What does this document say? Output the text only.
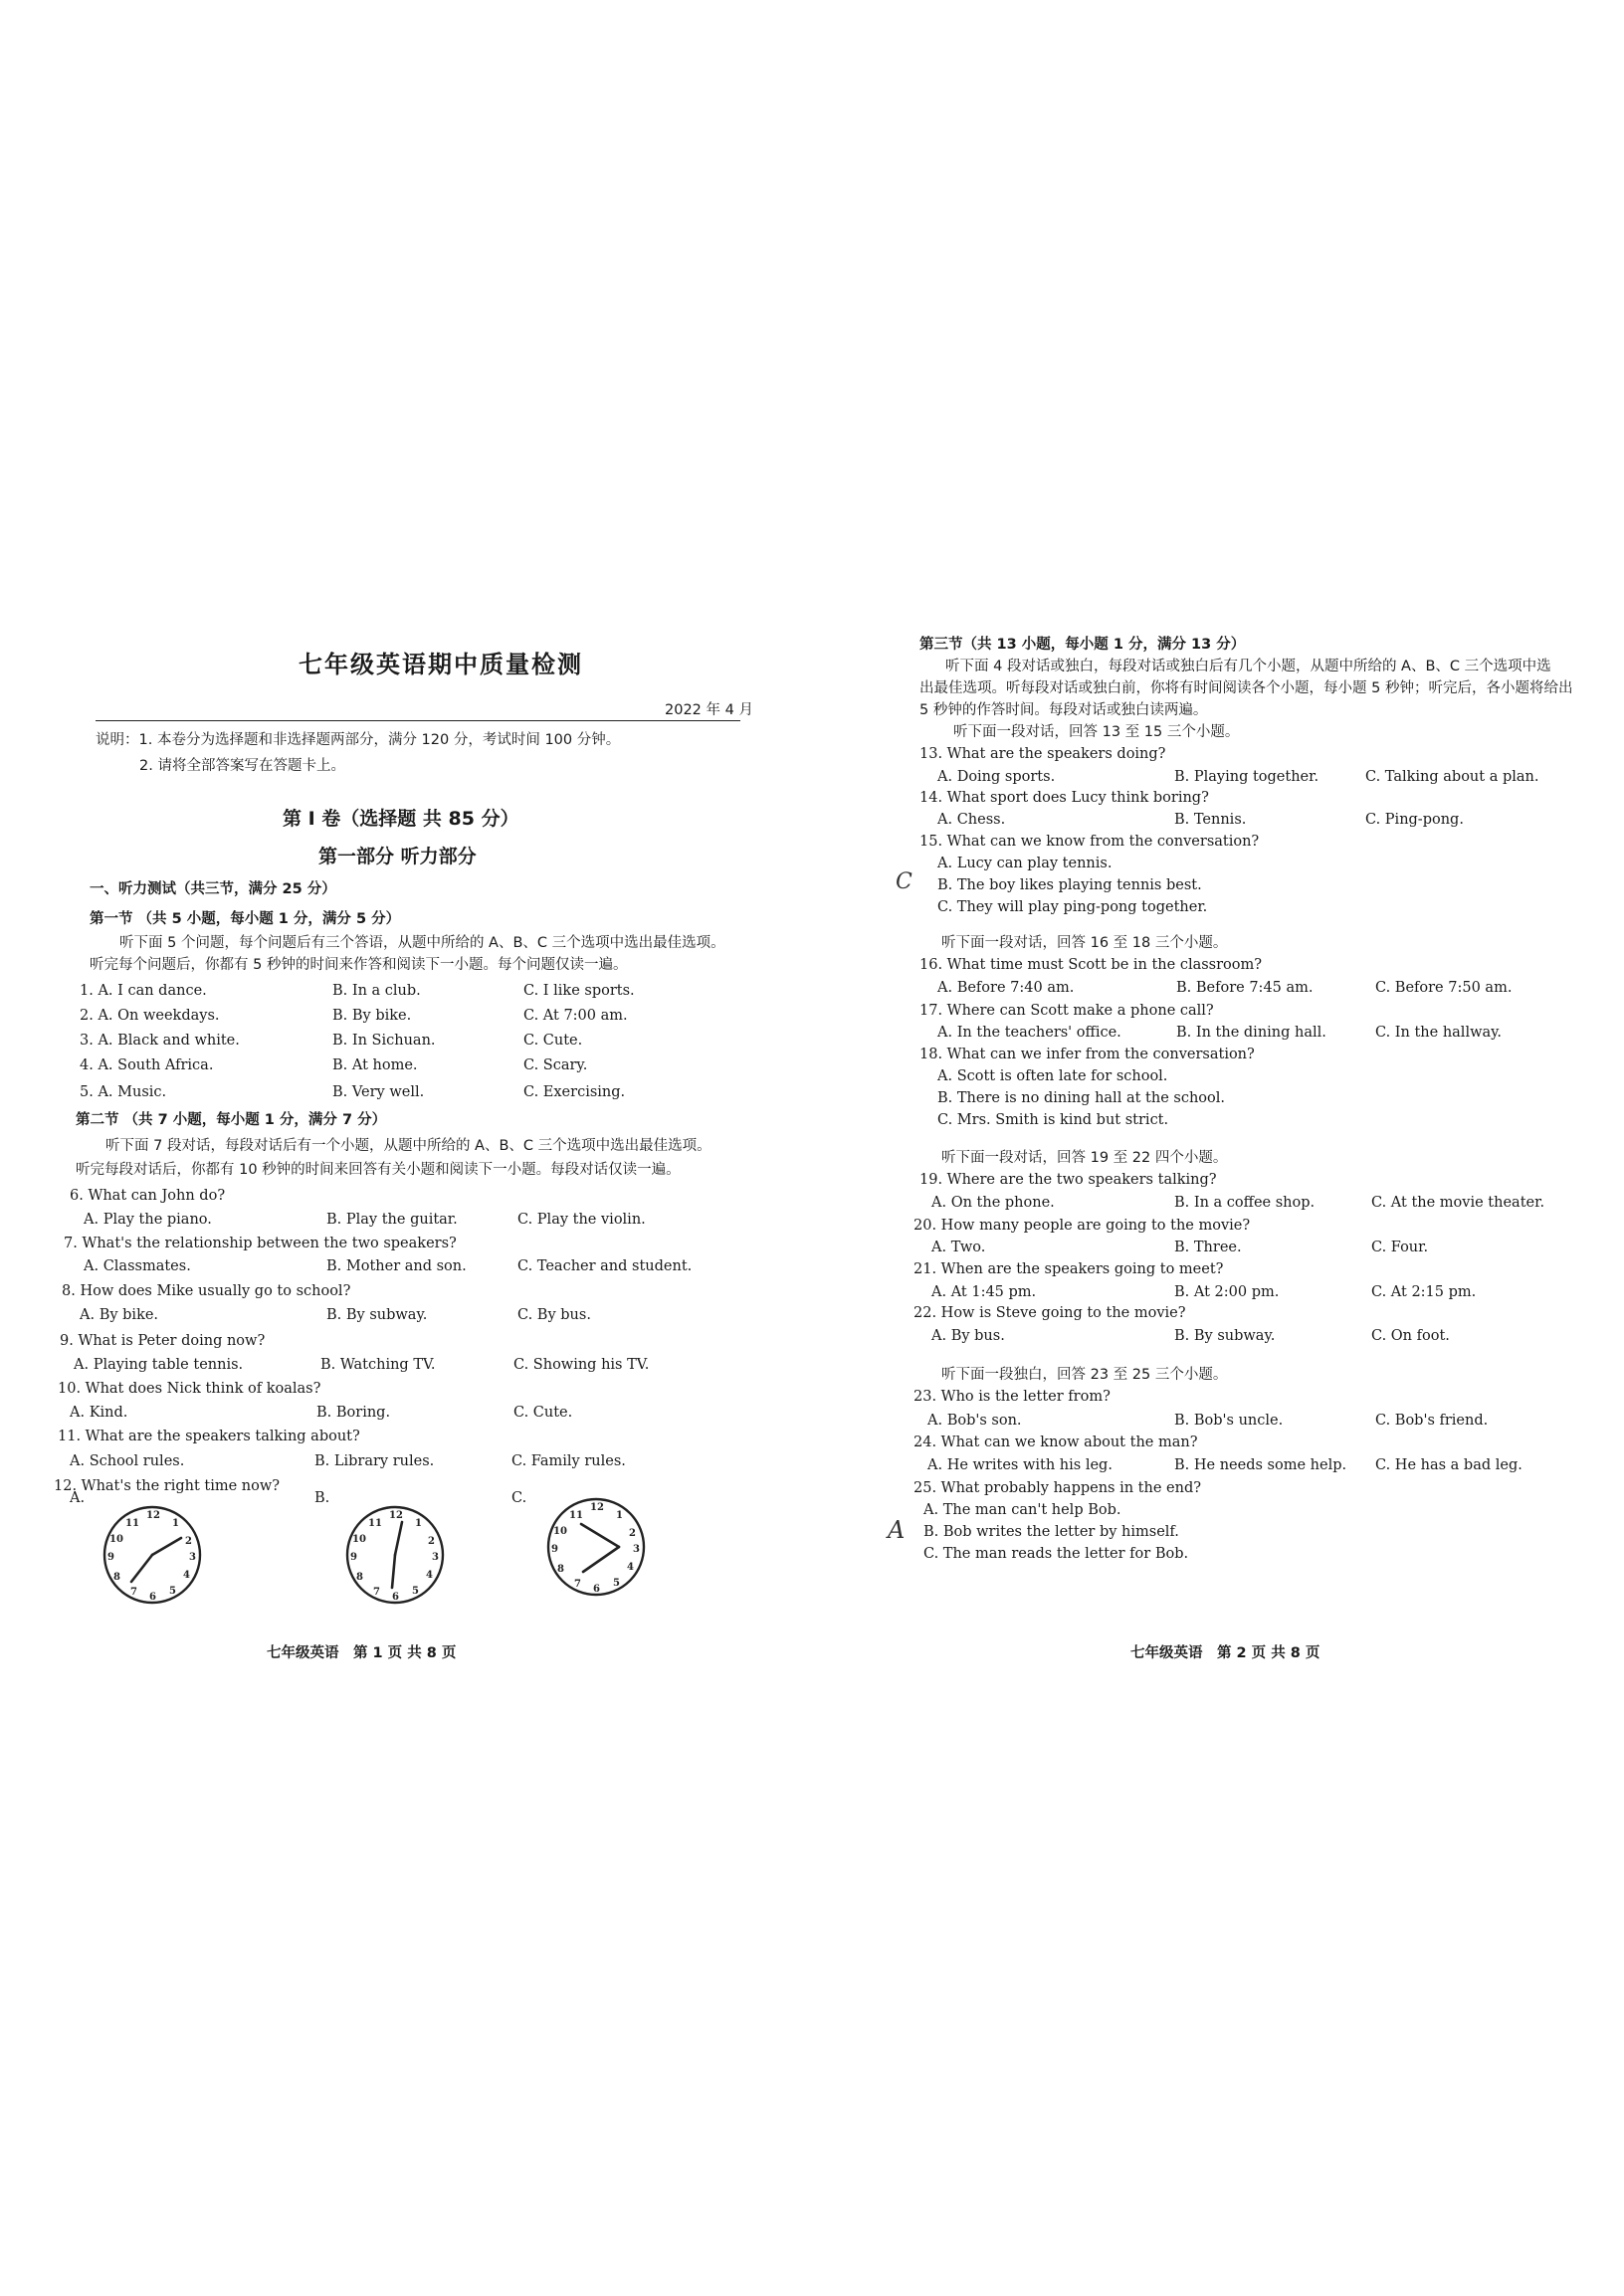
七年级英语期中质量检测
2022 年 4 月
说明：1. 本卷分为选择题和非选择题两部分，满分 120 分，考试时间 100 分钟。
2. 请将全部答案写在答题卡上。
第 I 卷（选择题 共 85 分）
第一部分 听力部分
一、听力测试（共三节，满分 25 分）
第一节 （共 5 小题，每小题 1 分，满分 5 分）
听下面 5 个问题，每个问题后有三个答语，从题中所给的 A、B、C 三个选项中选出最佳选项。
听完每个问题后，你都有 5 秒钟的时间来作答和阅读下一小题。每个问题仅读一遍。
1. A. I can dance.	B. In a club.	C. I like sports.
2. A. On weekdays.	B. By bike.	C. At 7:00 am.
3. A. Black and white.	B. In Sichuan.	C. Cute.
4. A. South Africa.	B. At home.	C. Scary.
5. A. Music.	B. Very well.	C. Exercising.
第二节 （共 7 小题，每小题 1 分，满分 7 分）
听下面 7 段对话，每段对话后有一个小题，从题中所给的 A、B、C 三个选项中选出最佳选项。
听完每段对话后，你都有 10 秒钟的时间来回答有关小题和阅读下一小题。每段对话仅读一遍。
6. What can John do?
A. Play the piano.	B. Play the guitar.	C. Play the violin.
7. What's the relationship between the two speakers?
A. Classmates.	B. Mother and son.	C. Teacher and student.
8. How does Mike usually go to school?
A. By bike.	B. By subway.	C. By bus.
9. What is Peter doing now?
A. Playing table tennis.	B. Watching TV.	C. Showing his TV.
10. What does Nick think of koalas?
A. Kind.	B. Boring.	C. Cute.
11. What are the speakers talking about?
A. School rules.	B. Library rules.	C. Family rules.
12. What's the right time now?
A.	B.	C.
12
1
2
3
4
5
6
7
8
9
10
11
12
1
2
3
4
5
6
7
8
9
10
11
12
1
2
3
4
5
6
7
8
9
10
11
七年级英语　第 1 页 共 8 页
第三节（共 13 小题，每小题 1 分，满分 13 分）
听下面 4 段对话或独白，每段对话或独白后有几个小题，从题中所给的 A、B、C 三个选项中选
出最佳选项。听每段对话或独白前，你将有时间阅读各个小题，每小题 5 秒钟；听完后，各小题将给出
5 秒钟的作答时间。每段对话或独白读两遍。
听下面一段对话，回答 13 至 15 三个小题。
13. What are the speakers doing?
A. Doing sports.	B. Playing together.	C. Talking about a plan.
14. What sport does Lucy think boring?
A. Chess.	B. Tennis.	C. Ping-pong.
15. What can we know from the conversation?
A. Lucy can play tennis.
B. The boy likes playing tennis best.
C. They will play ping-pong together.
C
听下面一段对话，回答 16 至 18 三个小题。
16. What time must Scott be in the classroom?
A. Before 7:40 am.	B. Before 7:45 am.	C. Before 7:50 am.
17. Where can Scott make a phone call?
A. In the teachers' office.	B. In the dining hall.	C. In the hallway.
18. What can we infer from the conversation?
A. Scott is often late for school.
B. There is no dining hall at the school.
C. Mrs. Smith is kind but strict.
听下面一段对话，回答 19 至 22 四个小题。
19. Where are the two speakers talking?
A. On the phone.	B. In a coffee shop.	C. At the movie theater.
20. How many people are going to the movie?
A. Two.	B. Three.	C. Four.
21. When are the speakers going to meet?
A. At 1:45 pm.	B. At 2:00 pm.	C. At 2:15 pm.
22. How is Steve going to the movie?
A. By bus.	B. By subway.	C. On foot.
听下面一段独白，回答 23 至 25 三个小题。
23. Who is the letter from?
A. Bob's son.	B. Bob's uncle.	C. Bob's friend.
24. What can we know about the man?
A. He writes with his leg.	B. He needs some help. C. He has a bad leg.
25. What probably happens in the end?
A. The man can't help Bob.
B. Bob writes the letter by himself.
C. The man reads the letter for Bob.
A
七年级英语　第 2 页 共 8 页
